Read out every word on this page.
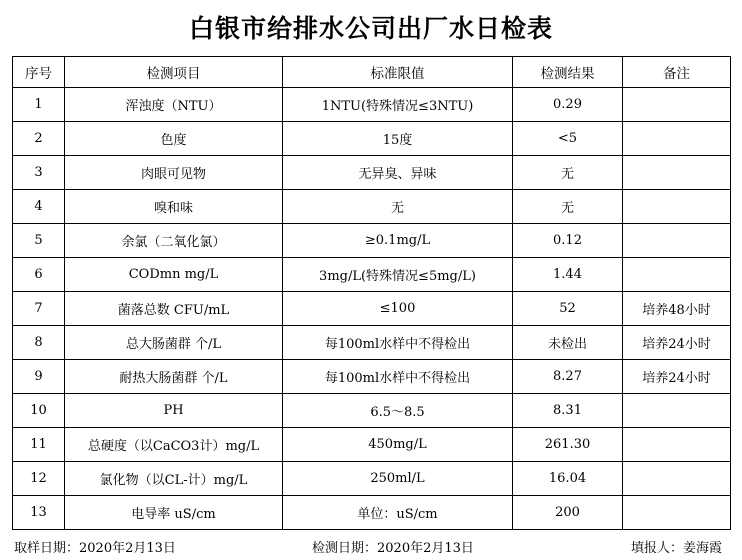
白银市给排水公司出厂水日检表
序号	检测项目	标准限值	检测结果	备注
1	浑浊度（NTU）	1NTU(特殊情况≤3NTU)	0.29	
2	色度	15度	<5	
3	肉眼可见物	无异臭、异味	无	
4	嗅和味	无	无	
5	余氯（二氧化氯）	≥0.1mg/L	0.12	
6	CODmn mg/L	3mg/L(特殊情况≤5mg/L)	1.44	
7	菌落总数 CFU/mL	≤100	52	培养48小时
8	总大肠菌群 个/L	每100ml水样中不得检出	未检出	培养24小时
9	耐热大肠菌群 个/L	每100ml水样中不得检出	8.27	培养24小时
10	PH	6.5～8.5	8.31	
11	总硬度（以CaCO3计）mg/L	450mg/L	261.30	
12	氯化物（以CL-计）mg/L	250ml/L	16.04	
13	电导率 uS/cm	单位：uS/cm	200	
取样日期：2020年2月13日	检测日期：2020年2月13日	填报人：姜海霞
